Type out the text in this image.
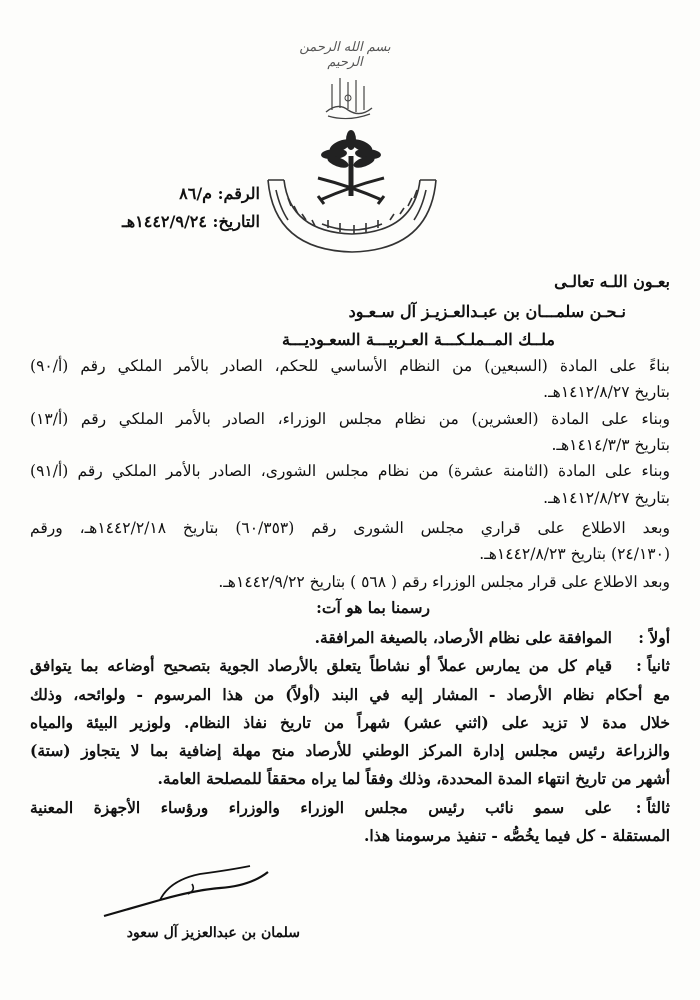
بسم الله الرحمن الرحيم
الرقم: م/٨٦
التاريخ: ١٤٤٢/٩/٢٤هـ
بعـون اللـه تعالـى
نـحـن سلمـــان بن عبـدالعـزيـز آل سـعـود
ملــك المــملـكـــة العـربيـــة السعـوديـــة
بناءً على المادة (السبعين) من النظام الأساسي للحكم، الصادر بالأمر الملكي رقم (أ/٩٠)
بتاريخ ١٤١٢/٨/٢٧هـ.
وبناء على المادة (العشرين) من نظام مجلس الوزراء، الصادر بالأمر الملكي رقم (أ/١٣)
بتاريخ ١٤١٤/٣/٣هـ.
وبناء على المادة (الثامنة عشرة) من نظام مجلس الشورى، الصادر بالأمر الملكي رقم (أ/٩١)
بتاريخ ١٤١٢/٨/٢٧هـ.
وبعد الاطلاع على قراري مجلس الشورى رقم (٦٠/٣٥٣) بتاريخ ١٤٤٢/٢/١٨هـ، ورقم
(٢٤/١٣٠) بتاريخ ١٤٤٢/٨/٢٣هـ.
وبعد الاطلاع على قرار مجلس الوزراء رقم ( ٥٦٨ ) بتاريخ ١٤٤٢/٩/٢٢هـ.
رسمنا بما هو آت:
أولاً :
الموافقة على نظام الأرصاد، بالصيغة المرافقة.
ثانياً :
قيام كل من يمارس عملاً أو نشاطاً يتعلق بالأرصاد الجوية بتصحيح أوضاعه بما يتوافق
مع أحكام نظام الأرصاد - المشار إليه في البند (أولاً) من هذا المرسوم - ولوائحه، وذلك
خلال مدة لا تزيد على (اثني عشر) شهراً من تاريخ نفاذ النظام. ولوزير البيئة والمياه
والزراعة رئيس مجلس إدارة المركز الوطني للأرصاد منح مهلة إضافية بما لا يتجاوز (ستة)
أشهر من تاريخ انتهاء المدة المحددة، وذلك وفقاً لما يراه محققاً للمصلحة العامة.
ثالثاً :
على سمو نائب رئيس مجلس الوزراء والوزراء ورؤساء الأجهزة المعنية
المستقلة - كل فيما يخُصُّه - تنفيذ مرسومنا هذا.
سلمان بن عبدالعزيز آل سعود
